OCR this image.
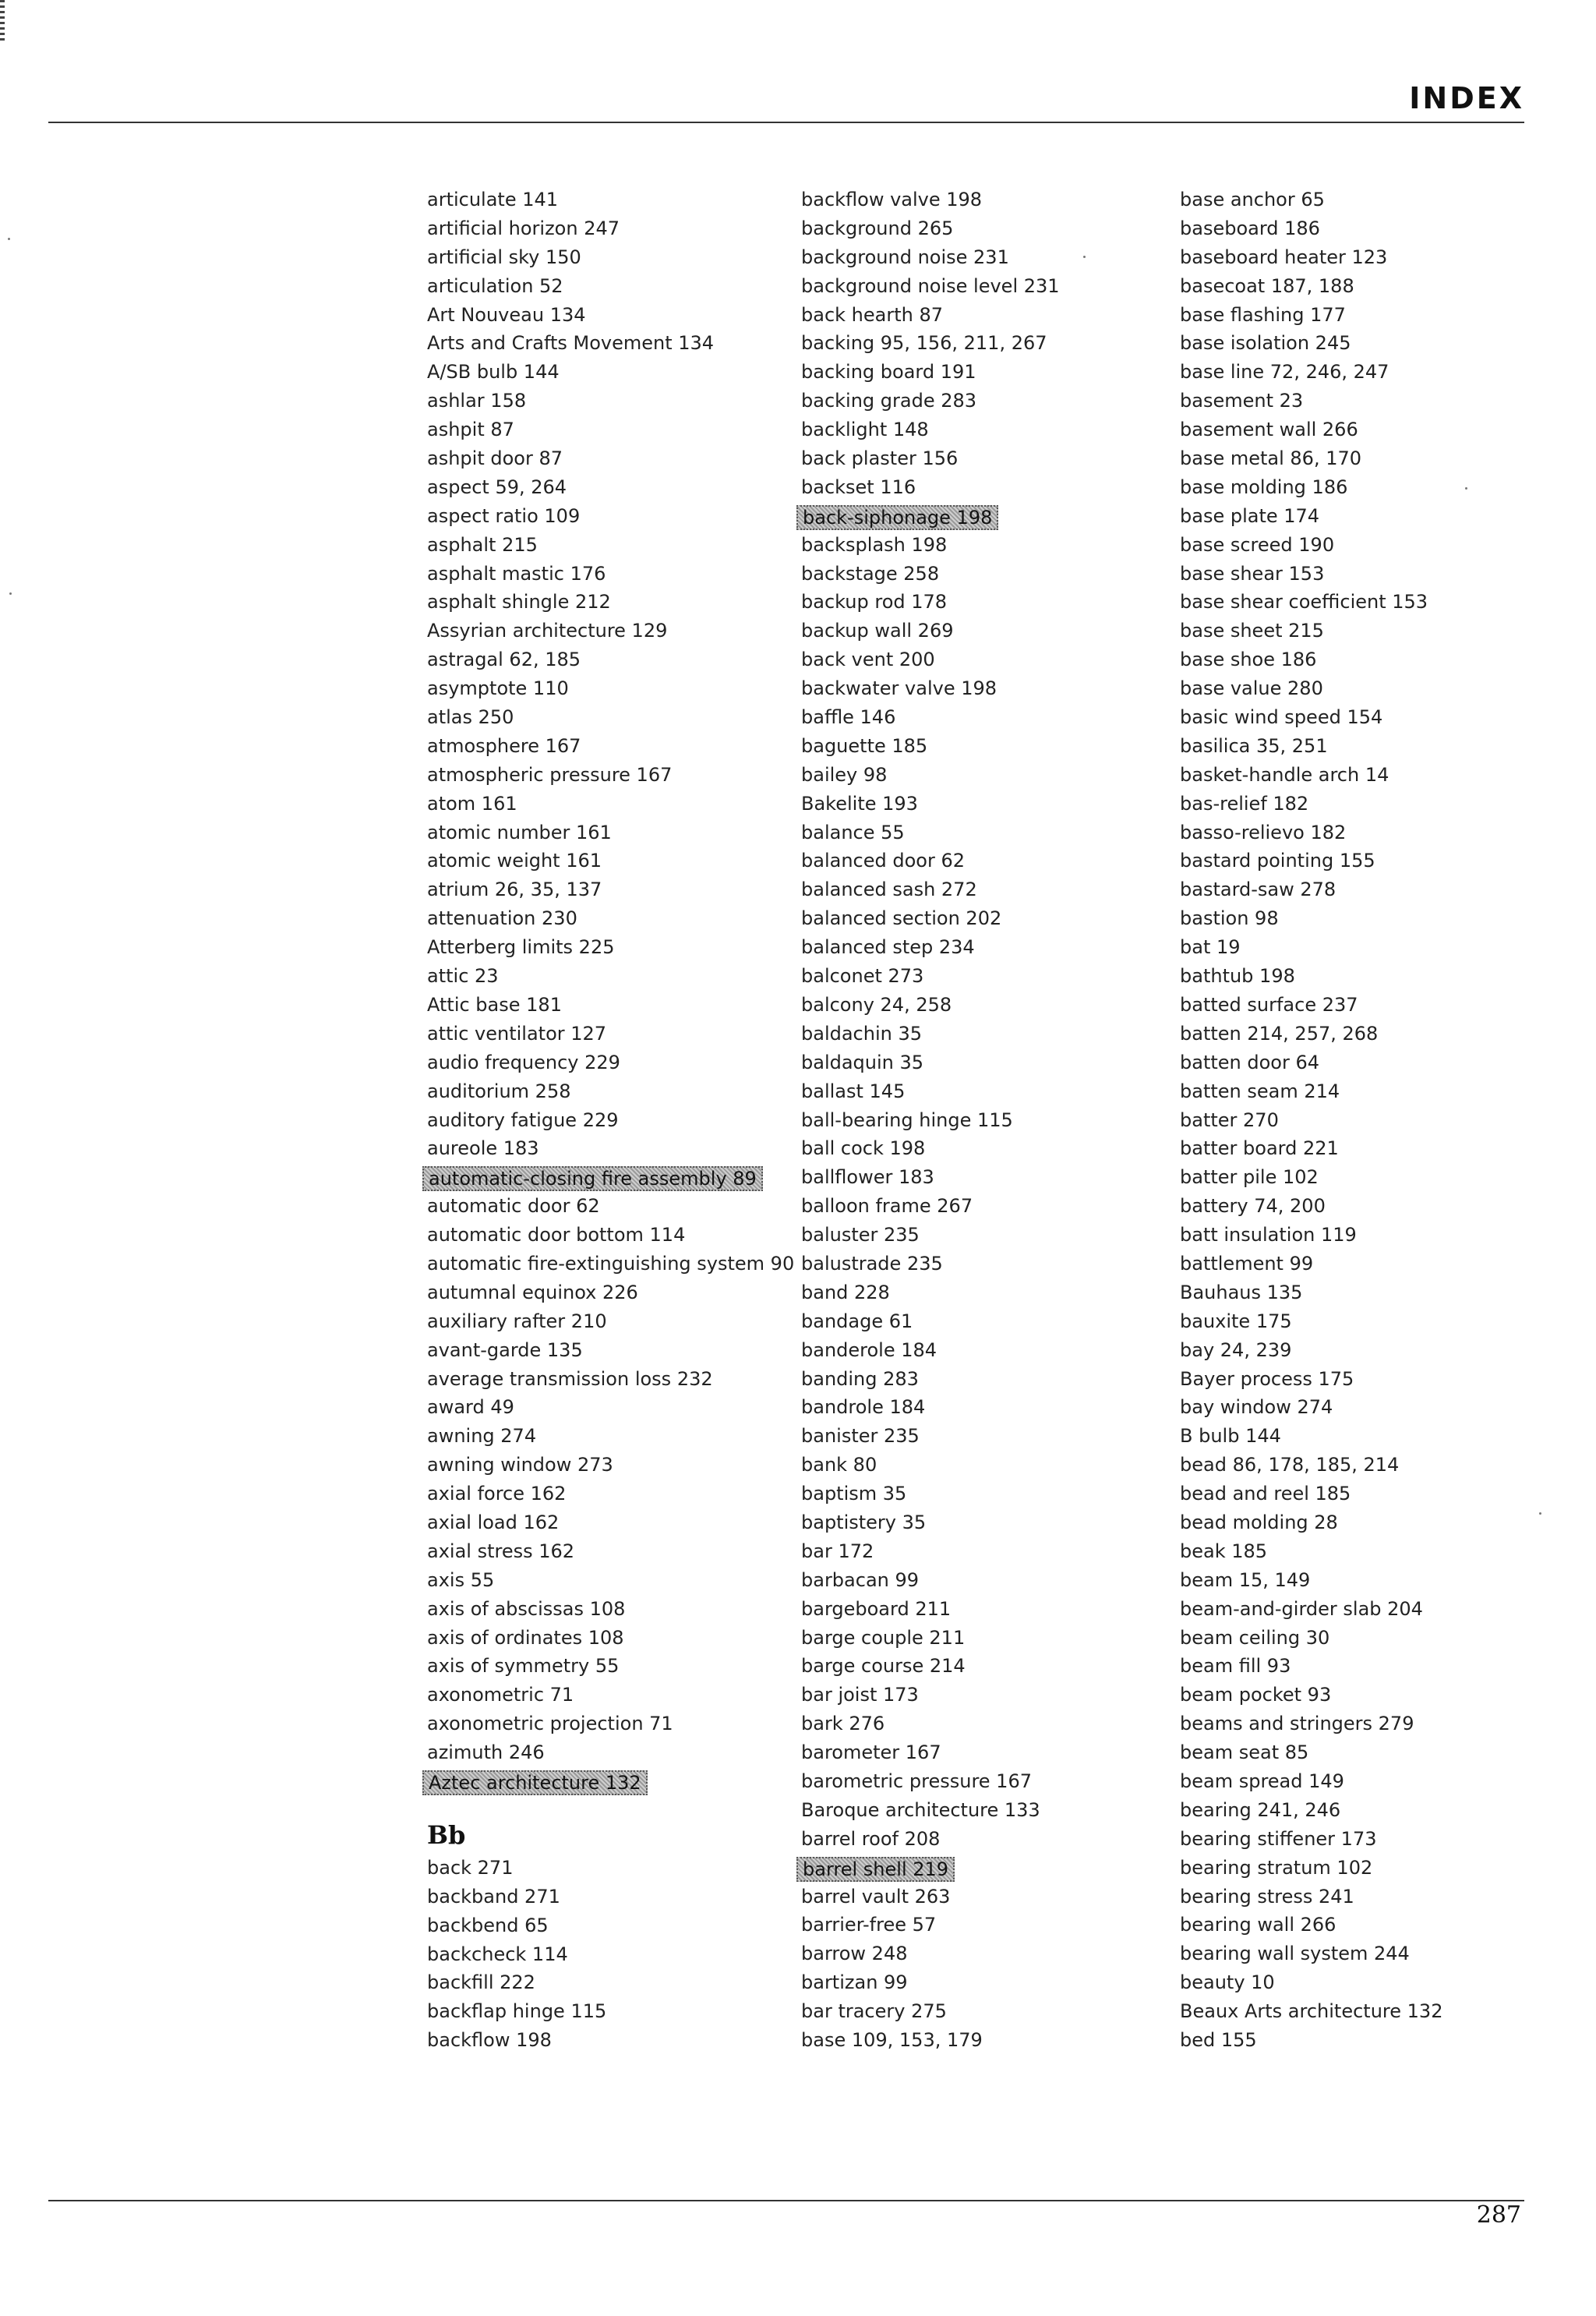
INDEX
articulate 141
artificial horizon 247
artificial sky 150
articulation 52
Art Nouveau 134
Arts and Crafts Movement 134
A/SB bulb 144
ashlar 158
ashpit 87
ashpit door 87
aspect 59, 264
aspect ratio 109
asphalt 215
asphalt mastic 176
asphalt shingle 212
Assyrian architecture 129
astragal 62, 185
asymptote 110
atlas 250
atmosphere 167
atmospheric pressure 167
atom 161
atomic number 161
atomic weight 161
atrium 26, 35, 137
attenuation 230
Atterberg limits 225
attic 23
Attic base 181
attic ventilator 127
audio frequency 229
auditorium 258
auditory fatigue 229
aureole 183
automatic-closing fire assembly 89
automatic door 62
automatic door bottom 114
automatic fire-extinguishing system 90
autumnal equinox 226
auxiliary rafter 210
avant-garde 135
average transmission loss 232
award 49
awning 274
awning window 273
axial force 162
axial load 162
axial stress 162
axis 55
axis of abscissas 108
axis of ordinates 108
axis of symmetry 55
axonometric 71
axonometric projection 71
azimuth 246
Aztec architecture 132
Bb
back 271
backband 271
backbend 65
backcheck 114
backfill 222
backflap hinge 115
backflow 198
backflow valve 198
background 265
background noise 231
background noise level 231
back hearth 87
backing 95, 156, 211, 267
backing board 191
backing grade 283
backlight 148
back plaster 156
backset 116
back-siphonage 198
backsplash 198
backstage 258
backup rod 178
backup wall 269
back vent 200
backwater valve 198
baffle 146
baguette 185
bailey 98
Bakelite 193
balance 55
balanced door 62
balanced sash 272
balanced section 202
balanced step 234
balconet 273
balcony 24, 258
baldachin 35
baldaquin 35
ballast 145
ball-bearing hinge 115
ball cock 198
ballflower 183
balloon frame 267
baluster 235
balustrade 235
band 228
bandage 61
banderole 184
banding 283
bandrole 184
banister 235
bank 80
baptism 35
baptistery 35
bar 172
barbacan 99
bargeboard 211
barge couple 211
barge course 214
bar joist 173
bark 276
barometer 167
barometric pressure 167
Baroque architecture 133
barrel roof 208
barrel shell 219
barrel vault 263
barrier-free 57
barrow 248
bartizan 99
bar tracery 275
base 109, 153, 179
base anchor 65
baseboard 186
baseboard heater 123
basecoat 187, 188
base flashing 177
base isolation 245
base line 72, 246, 247
basement 23
basement wall 266
base metal 86, 170
base molding 186
base plate 174
base screed 190
base shear 153
base shear coefficient 153
base sheet 215
base shoe 186
base value 280
basic wind speed 154
basilica 35, 251
basket-handle arch 14
bas-relief 182
basso-relievo 182
bastard pointing 155
bastard-saw 278
bastion 98
bat 19
bathtub 198
batted surface 237
batten 214, 257, 268
batten door 64
batten seam 214
batter 270
batter board 221
batter pile 102
battery 74, 200
batt insulation 119
battlement 99
Bauhaus 135
bauxite 175
bay 24, 239
Bayer process 175
bay window 274
B bulb 144
bead 86, 178, 185, 214
bead and reel 185
bead molding 28
beak 185
beam 15, 149
beam-and-girder slab 204
beam ceiling 30
beam fill 93
beam pocket 93
beams and stringers 279
beam seat 85
beam spread 149
bearing 241, 246
bearing stiffener 173
bearing stratum 102
bearing stress 241
bearing wall 266
bearing wall system 244
beauty 10
Beaux Arts architecture 132
bed 155
287
